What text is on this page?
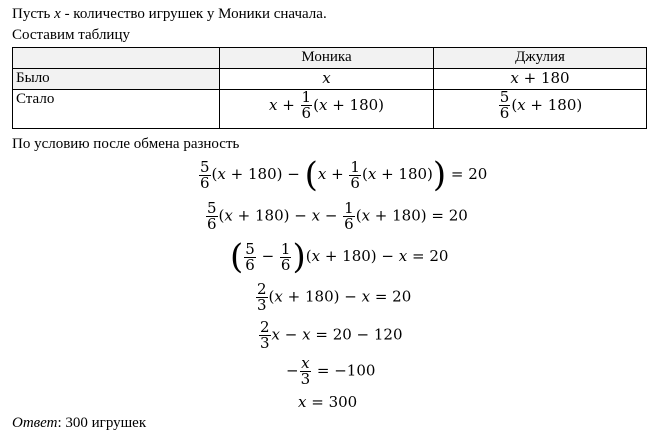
Пусть x - количество игрушек у Моники сначала.
Составим таблицу
	Моника	Джулия
Было	x	x + 180
Стало	$x + \frac{1}{6} (x + 180)$	$\frac{5}{6} (x + 180)$
По условию после обмена разность
$\frac{5}{6} (x + 180) - (x + \frac{1}{6} (x + 180)) = 20$
$\frac{5}{6} (x + 180) - x - \frac{1}{6} (x + 180) = 20$
( $\frac{5}{6} - \frac{1}{6} )(x + 180) - x = 20$
$\frac{2}{3} (x + 180) - x = 20$
$\frac{2}{3}$ x − x = 20 − 120
− $\frac{x}{3} = -100$
x = 300
Ответ: 300 игрушек
